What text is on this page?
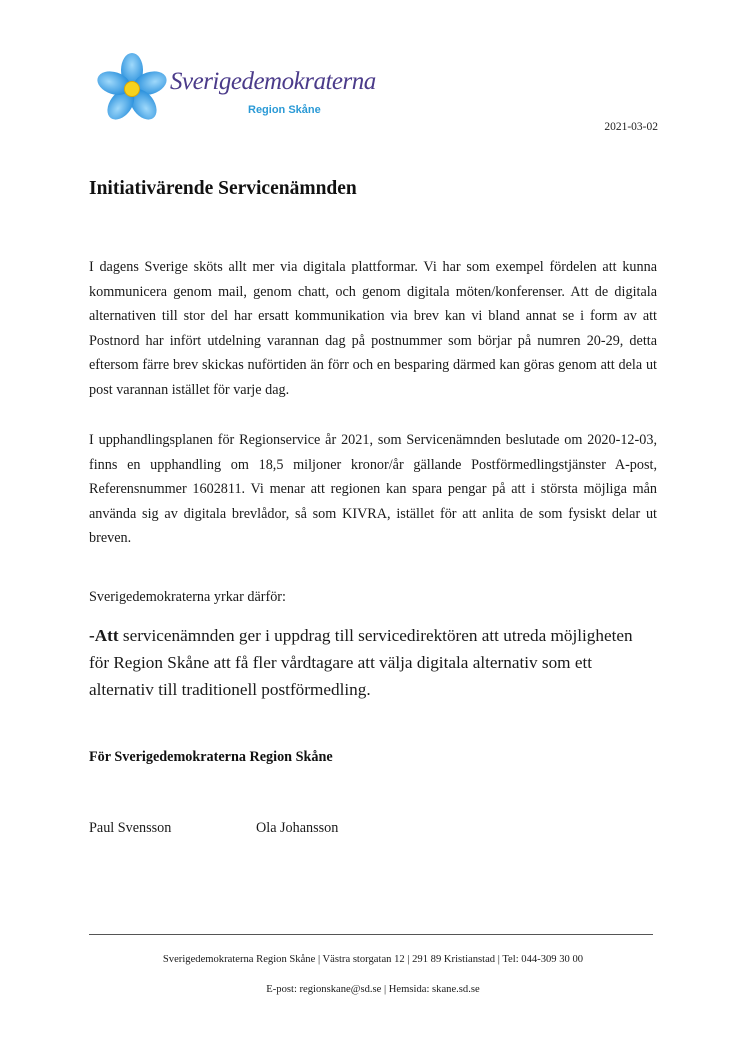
Sverigedemokraterna
Region Skåne
2021-03-02
Initiativärende Servicenämnden

I dagens Sverige sköts allt mer via digitala plattformar. Vi har som exempel fördelen att kunna kommunicera genom mail, genom chatt, och genom digitala möten/konferenser. Att de digitala alternativen till stor del har ersatt kommunikation via brev kan vi bland annat se i form av att Postnord har infört utdelning varannan dag på postnummer som börjar på numren 20-29, detta eftersom färre brev skickas nuförtiden än förr och en besparing därmed kan göras genom att dela ut post varannan istället för varje dag.

I upphandlingsplanen för Regionservice år 2021, som Servicenämnden beslutade om 2020-12-03, finns en upphandling om 18,5 miljoner kronor/år gällande Postförmedlingstjänster A-post, Referensnummer 1602811. Vi menar att regionen kan spara pengar på att i största möjliga mån använda sig av digitala brevlådor, så som KIVRA, istället för att anlita de som fysiskt delar ut breven.

Sverigedemokraterna yrkar därför:

-Att servicenämnden ger i uppdrag till servicedirektören att utreda möjligheten för Region Skåne att få fler vårdtagare att välja digitala alternativ som ett alternativ till traditionell postförmedling.

För Sverigedemokraterna Region Skåne

Paul Svensson	Ola Johansson

Sverigedemokraterna Region Skåne | Västra storgatan 12 | 291 89 Kristianstad | Tel: 044-309 30 00

E-post: regionskane@sd.se | Hemsida: skane.sd.se
